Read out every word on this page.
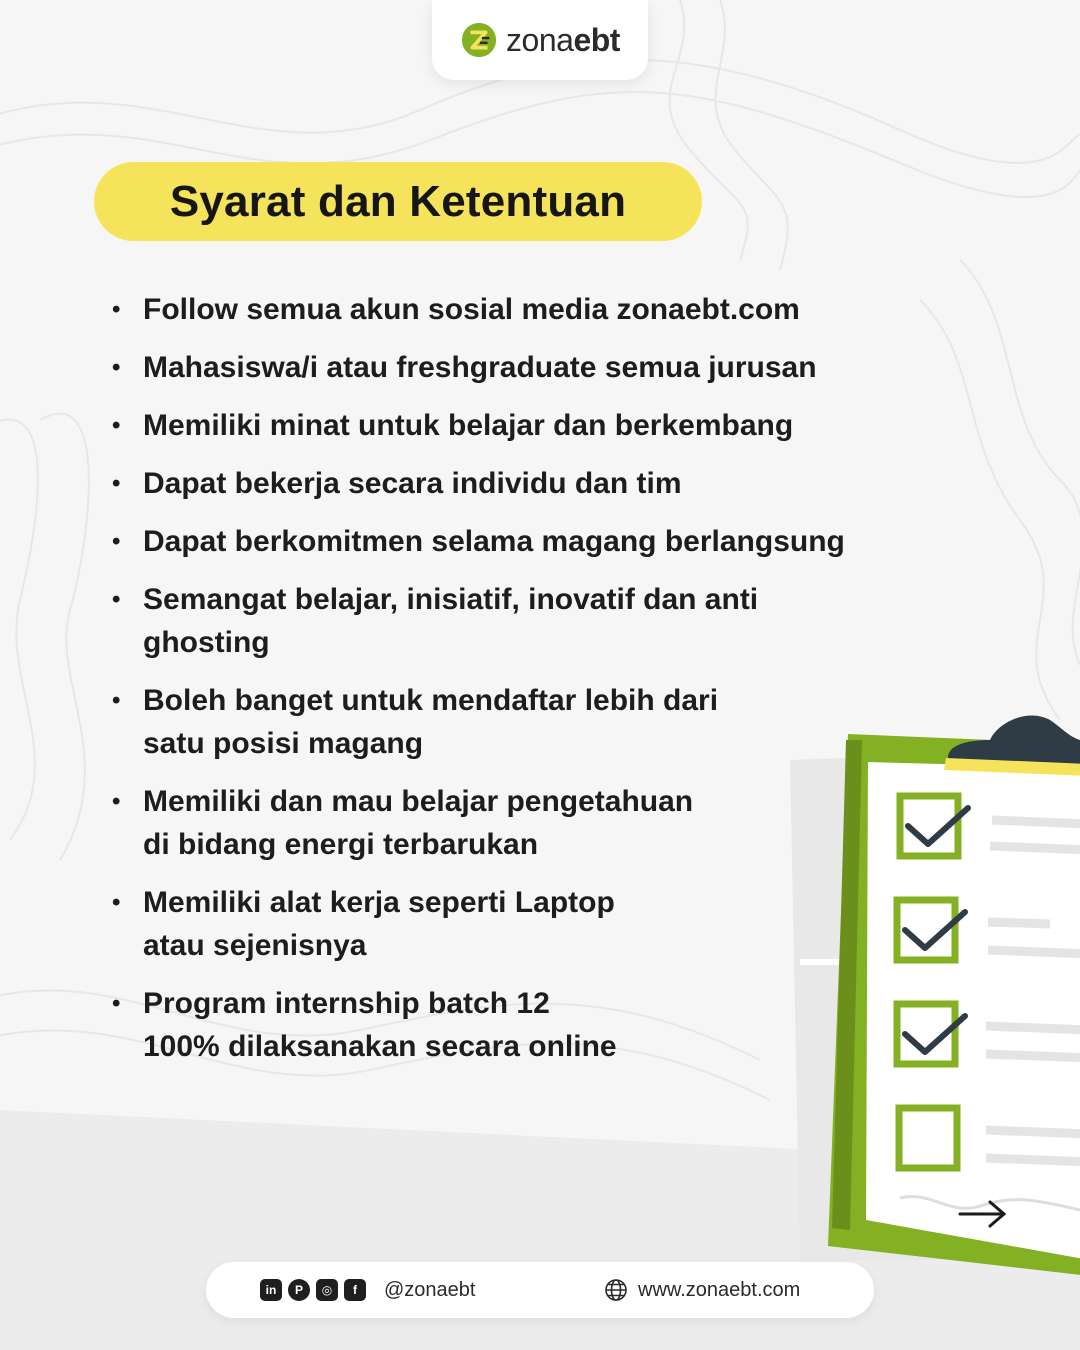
zonaebt
Syarat dan Ketentuan
• Follow semua akun sosial media zonaebt.com
• Mahasiswa/i atau freshgraduate semua jurusan
• Memiliki minat untuk belajar dan berkembang
• Dapat bekerja secara individu dan tim
• Dapat berkomitmen selama magang berlangsung
• Semangat belajar, inisiatif, inovatif dan anti
ghosting
• Boleh banget untuk mendaftar lebih dari
satu posisi magang
• Memiliki dan mau belajar pengetahuan
di bidang energi terbarukan
• Memiliki alat kerja seperti Laptop
atau sejenisnya
• Program internship batch 12
100% dilaksanakan secara online
in	P	◎	f	@zonaebt	www.zonaebt.com
